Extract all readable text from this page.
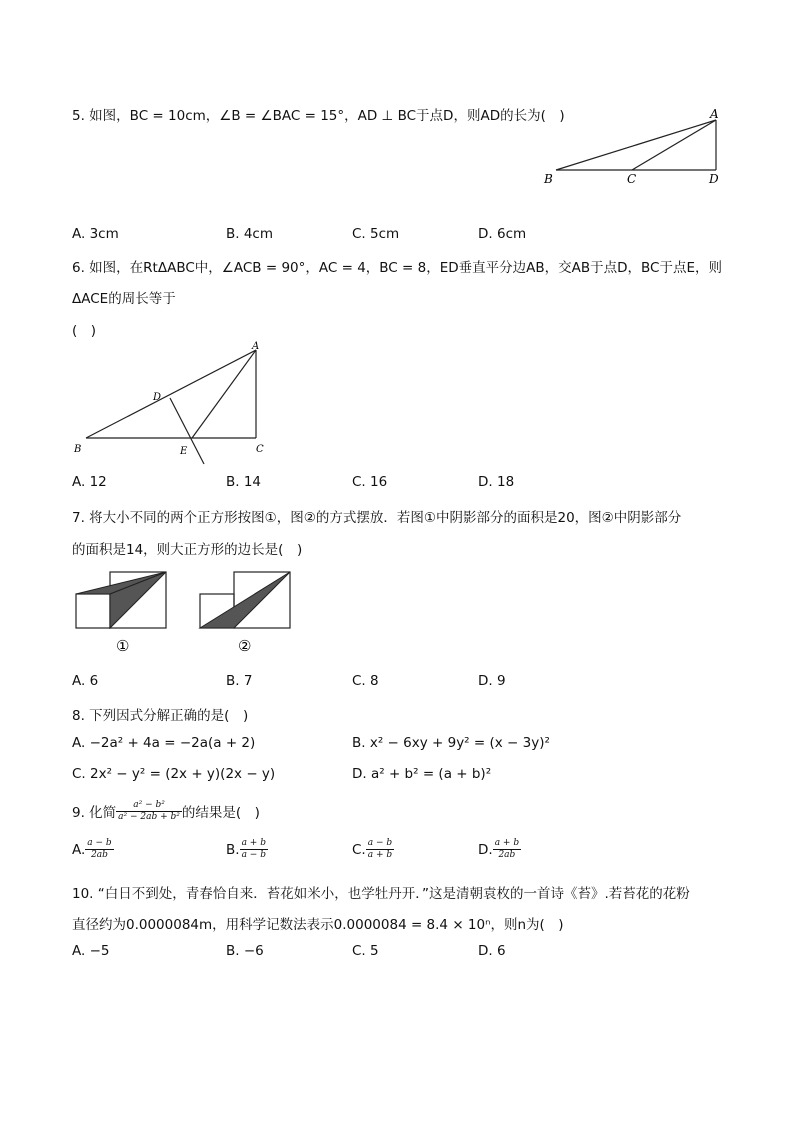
5. 如图，BC = 10cm，∠B = ∠BAC = 15°，AD ⊥ BC于点D，则AD的长为(　)	A
B	C	D
A. 3cm	B. 4cm	C. 5cm	D. 6cm
6. 如图，在RtΔABC中，∠ACB = 90°，AC = 4，BC = 8，ED垂直平分边AB，交AB于点D，BC于点E，则
ΔACE的周长等于
(　)
A
B	C
D
E
A. 12	B. 14	C. 16	D. 18
7. 将大小不同的两个正方形按图①，图②的方式摆放．若图①中阴影部分的面积是20，图②中阴影部分
的面积是14，则大正方形的边长是(　)
①	②
A. 6	B. 7	C. 8	D. 9
8. 下列因式分解正确的是(　)
A. −2a² + 4a = −2a(a + 2)	B. x² − 6xy + 9y² = (x − 3y)²
C. 2x² − y² = (2x + y)(2x − y)	D. a² + b² = (a + b)²
9. 化简 $\frac{\text{a² − b²}}{\text{a² − 2ab + b²}}$ 的结果是(　)
A. $\frac{a - b}{2ab}$	B. $\frac{a + b}{a - b}$	C. $\frac{a - b}{a + b}$	D. $\frac{a + b}{2ab}$
10. “白日不到处，青春恰自来．苔花如米小，也学牡丹开．”这是清朝袁枚的一首诗《苔》.若苔花的花粉
直径约为0.0000084m，用科学记数法表示0.0000084 = 8.4 × 10ⁿ，则n为(　)
A. −5	B. −6	C. 5	D. 6
